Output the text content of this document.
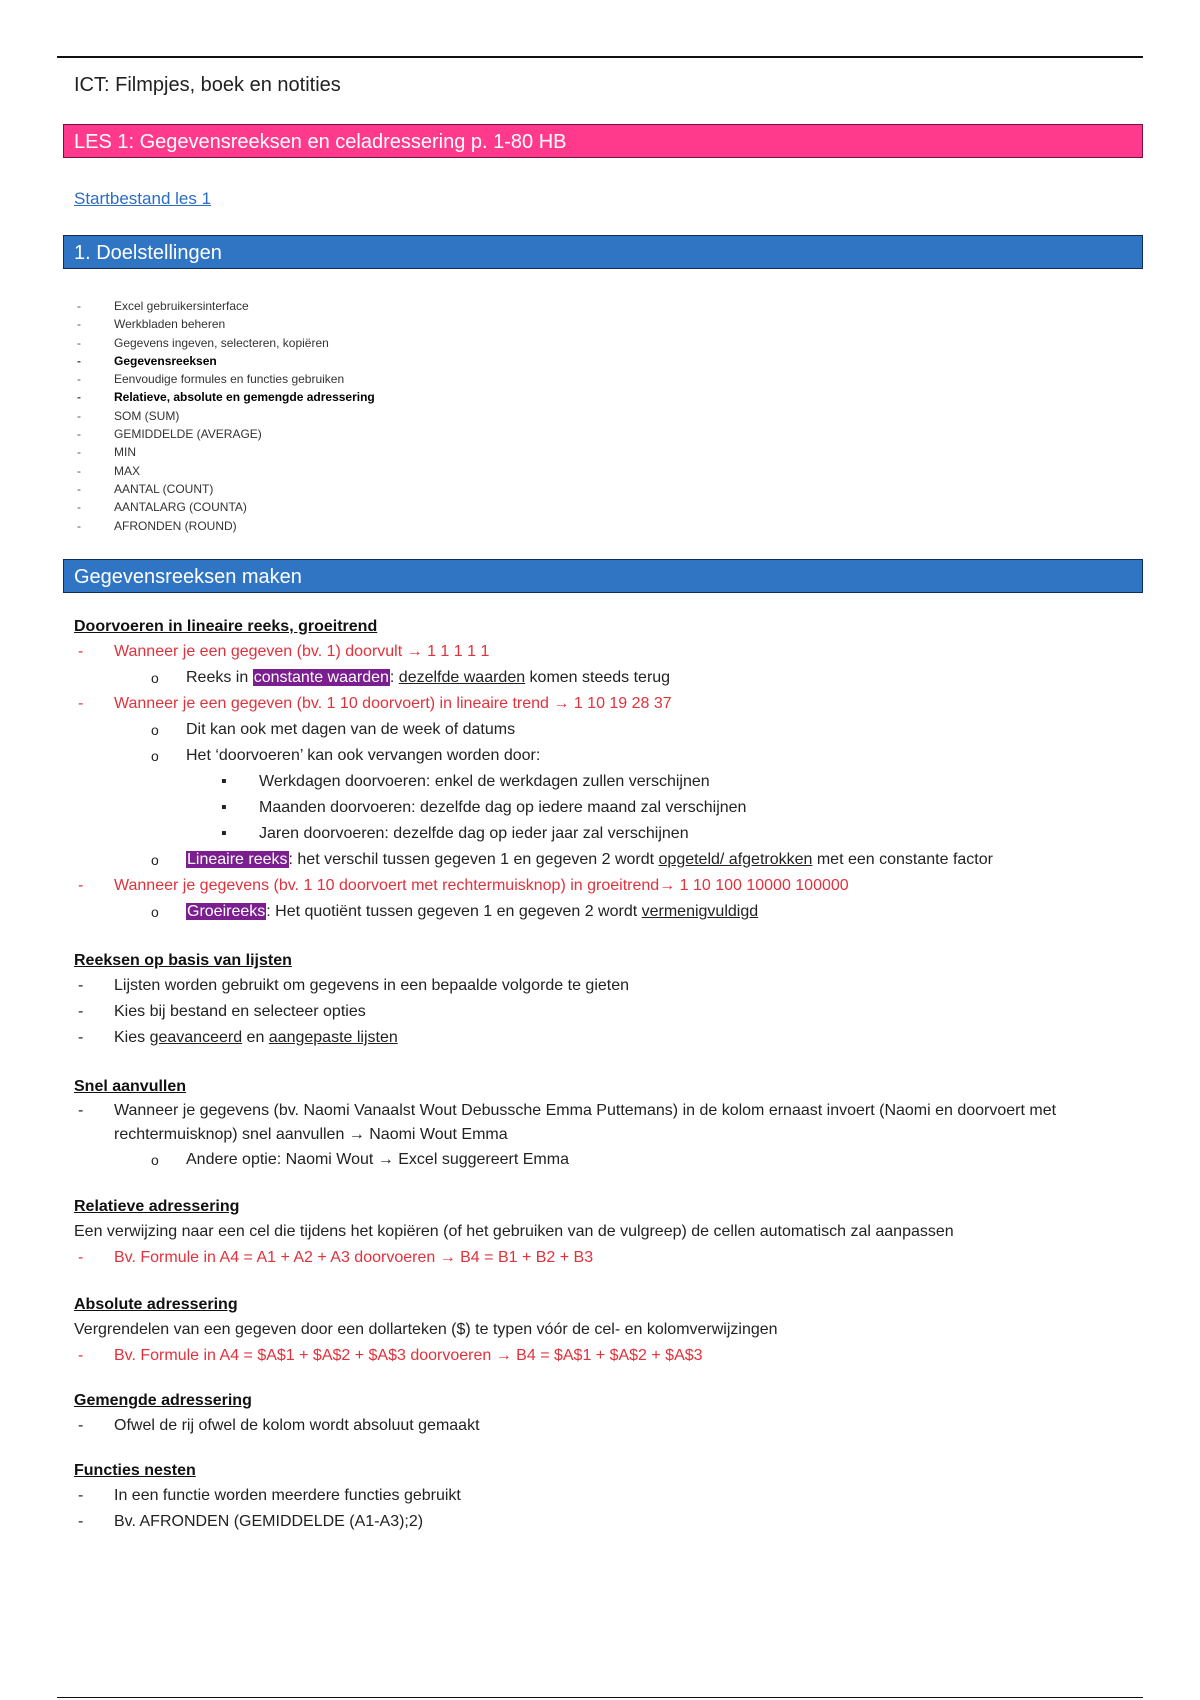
ICT: Filmpjes, boek en notities
LES 1: Gegevensreeksen en celadressering p. 1-80 HB
Startbestand les 1
1. Doelstellingen
- Excel gebruikersinterface
- Werkbladen beheren
- Gegevens ingeven, selecteren, kopiëren
- Gegevensreeksen
- Eenvoudige formules en functies gebruiken
- Relatieve, absolute en gemengde adressering
- SOM (SUM)
- GEMIDDELDE (AVERAGE)
- MIN
- MAX
- AANTAL (COUNT)
- AANTALARG (COUNTA)
- AFRONDEN (ROUND)
Gegevensreeksen maken
Doorvoeren in lineaire reeks, groeitrend
- Wanneer je een gegeven (bv. 1) doorvult → 1 1 1 1 1
o Reeks in constante waarden: dezelfde waarden komen steeds terug
- Wanneer je een gegeven (bv. 1 10 doorvoert) in lineaire trend → 1 10 19 28 37
o Dit kan ook met dagen van de week of datums
o Het ‘doorvoeren’ kan ook vervangen worden door:
▪ Werkdagen doorvoeren: enkel de werkdagen zullen verschijnen
▪ Maanden doorvoeren: dezelfde dag op iedere maand zal verschijnen
▪ Jaren doorvoeren: dezelfde dag op ieder jaar zal verschijnen
o Lineaire reeks: het verschil tussen gegeven 1 en gegeven 2 wordt opgeteld/ afgetrokken met een constante factor
- Wanneer je gegevens (bv. 1 10 doorvoert met rechtermuisknop) in groeitrend→ 1 10 100 10000 100000
o Groeireeks: Het quotiënt tussen gegeven 1 en gegeven 2 wordt vermenigvuldigd
Reeksen op basis van lijsten
- Lijsten worden gebruikt om gegevens in een bepaalde volgorde te gieten
- Kies bij bestand en selecteer opties
- Kies geavanceerd en aangepaste lijsten
Snel aanvullen
- Wanneer je gegevens (bv. Naomi Vanaalst Wout Debussche Emma Puttemans) in de kolom ernaast invoert (Naomi en doorvoert met rechtermuisknop) snel aanvullen → Naomi Wout Emma
o Andere optie: Naomi Wout → Excel suggereert Emma
Relatieve adressering
Een verwijzing naar een cel die tijdens het kopiëren (of het gebruiken van de vulgreep) de cellen automatisch zal aanpassen
- Bv. Formule in A4 = A1 + A2 + A3 doorvoeren → B4 = B1 + B2 + B3
Absolute adressering
Vergrendelen van een gegeven door een dollarteken ($) te typen vóór de cel- en kolomverwijzingen
- Bv. Formule in A4 = $A$1 + $A$2 + $A$3 doorvoeren → B4 = $A$1 + $A$2 + $A$3
Gemengde adressering
- Ofwel de rij ofwel de kolom wordt absoluut gemaakt
Functies nesten
- In een functie worden meerdere functies gebruikt
- Bv. AFRONDEN (GEMIDDELDE (A1-A3);2)
